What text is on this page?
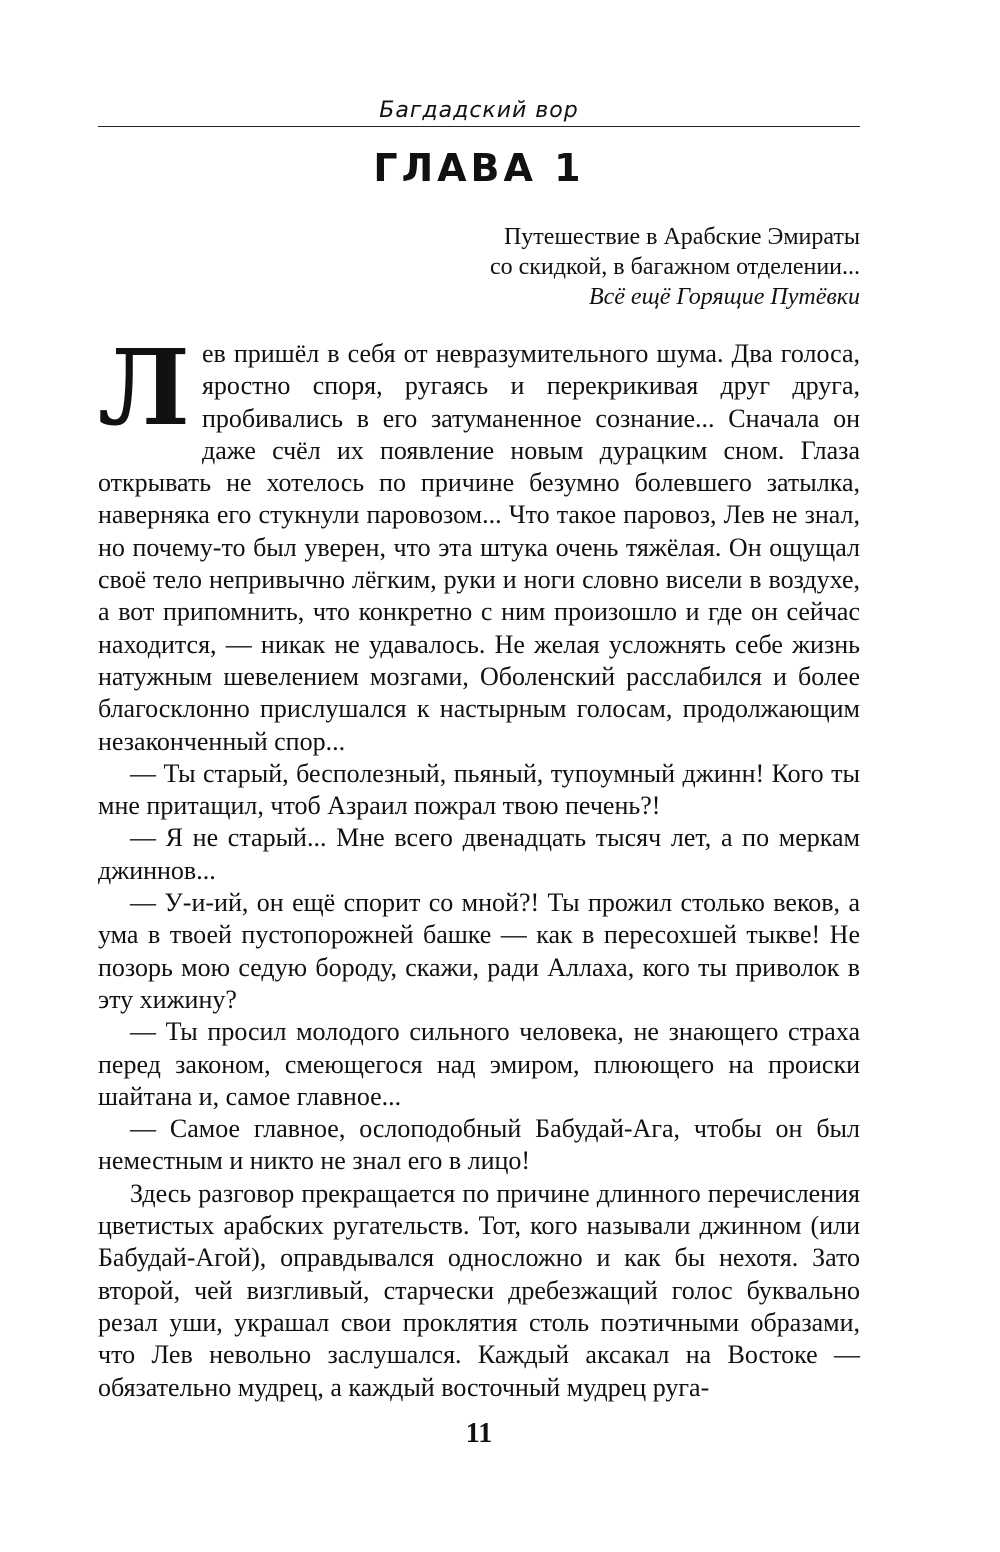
Багдадский вор
ГЛАВА 1
Путешествие в Арабские Эмираты
со скидкой, в багажном отделении...
Всё ещё Горящие Путёвки

Лев пришёл в себя от невразумительного шума. Два голоса, яростно споря, ругаясь и перекрикивая друг друга, пробивались в его затуманенное сознание... Сначала он даже счёл их появление новым дурацким сном. Глаза открывать не хотелось по причине безумно болевшего затылка, наверняка его стукнули паровозом... Что такое паровоз, Лев не знал, но почему-то был уверен, что эта штука очень тяжёлая. Он ощущал своё тело непривычно лёгким, руки и ноги словно висели в воздухе, а вот припомнить, что конкретно с ним произошло и где он сейчас находится, — никак не удавалось. Не желая усложнять себе жизнь натужным шевелением мозгами, Оболенский расслабился и более благосклонно прислушался к настырным голосам, продолжающим незаконченный спор...

— Ты старый, бесполезный, пьяный, тупоумный джинн! Кого ты мне притащил, чтоб Азраил пожрал твою печень?!

— Я не старый... Мне всего двенадцать тысяч лет, а по меркам джиннов...

— У-и-ий, он ещё спорит со мной?! Ты прожил столько веков, а ума в твоей пустопорожней башке — как в пересохшей тыкве! Не позорь мою седую бороду, скажи, ради Аллаха, кого ты приволок в эту хижину?

— Ты просил молодого сильного человека, не знающего страха перед законом, смеющегося над эмиром, плюющего на происки шайтана и, самое главное...

— Самое главное, ослоподобный Бабудай-Ага, чтобы он был неместным и никто не знал его в лицо!

Здесь разговор прекращается по причине длинного перечисления цветистых арабских ругательств. Тот, кого называли джинном (или Бабудай-Агой), оправдывался односложно и как бы нехотя. Зато второй, чей визгливый, старчески дребезжащий голос буквально резал уши, украшал свои проклятия столь поэтичными образами, что Лев невольно заслушался. Каждый аксакал на Востоке — обязательно мудрец, а каждый восточный мудрец руга-

11
